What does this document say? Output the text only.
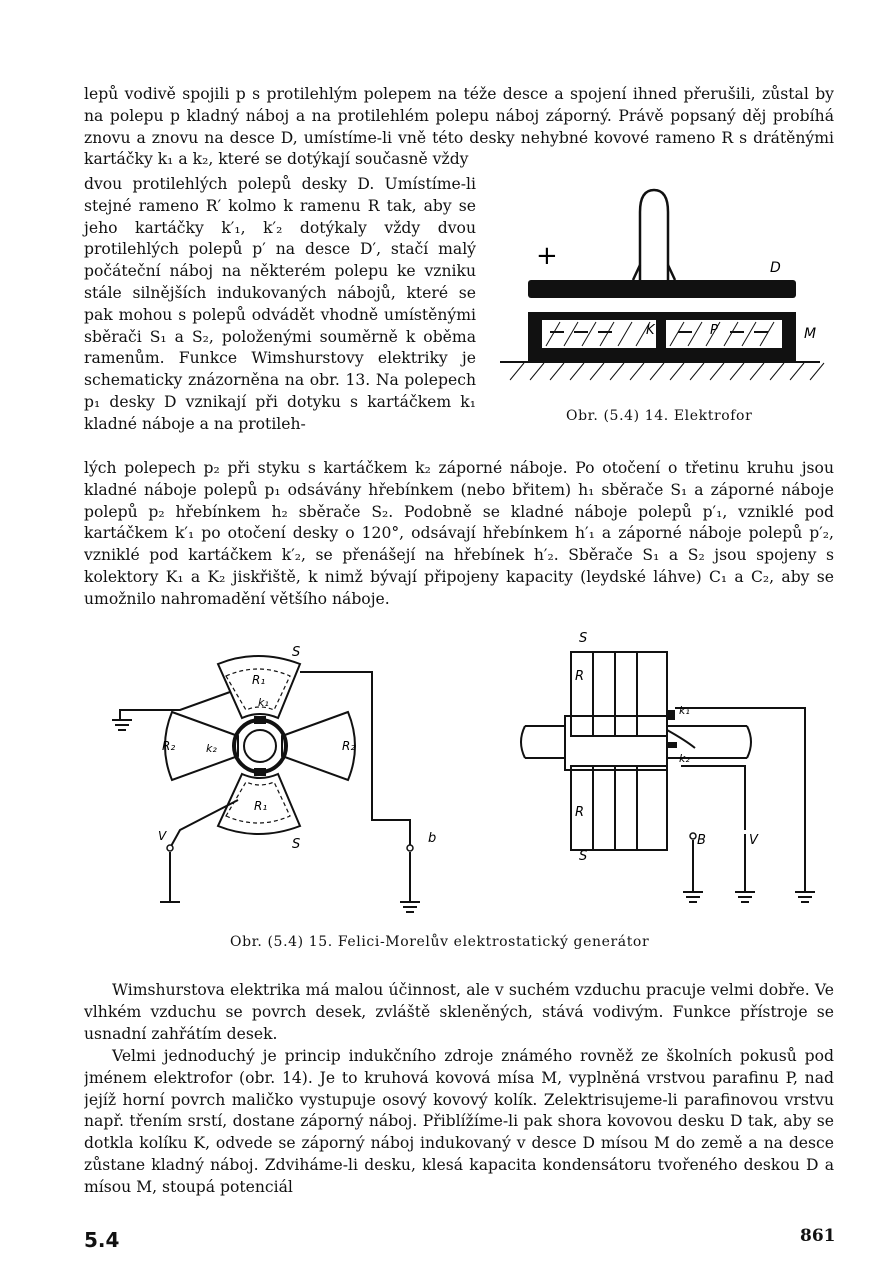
lepů vodivě spojili p s protilehlým polepem na téže desce a spojení ihned přerušili, zůstal by na polepu p kladný náboj a na protilehlém polepu náboj záporný. Právě popsaný děj probíhá znovu a znovu na desce D, umístíme-li vně této desky nehybné kovové rameno R s drátěnými kartáčky k₁ a k₂, které se dotýkají současně vždy

dvou protilehlých polepů desky D. Umístíme-li stejné rameno R′ kolmo k ramenu R tak, aby se jeho kartáčky k′₁, k′₂ dotýkaly vždy dvou protilehlých polepů p′ na desce D′, stačí malý počáteční náboj na některém polepu ke vzniku stále silnějších indukovaných nábojů, které se pak mohou s polepů odvádět vhodně umístěnými sběrači S₁ a S₂, položenými souměrně k oběma ramenům. Funkce Wimshurstovy elektriky je schematicky znázorněna na obr. 13. Na polepech p₁ desky D vznikají při dotyku s kartáčkem k₁ kladné náboje a na protileh-

lých polepech p₂ při styku s kartáčkem k₂ záporné náboje. Po otočení o třetinu kruhu jsou kladné náboje polepů p₁ odsávány hřebínkem (nebo břitem) h₁ sběrače S₁ a záporné náboje polepů p₂ hřebínkem h₂ sběrače S₂. Podobně se kladné náboje polepů p′₁, vzniklé pod kartáčkem k′₁ po otočení desky o 120°, odsávají hřebínkem h′₁ a záporné náboje polepů p′₂, vzniklé pod kartáčkem k′₂, se přenášejí na hřebínek h′₂. Sběrače S₁ a S₂ jsou spojeny s kolektory K₁ a K₂ jiskřiště, k nimž bývají připojeny kapacity (leydské láhve) C₁ a C₂, aby se umožnilo nahromadění většího náboje.

+	D
K	P	M

Obr. (5.4) 14. Elektrofor

S
R₁
k₁
R₂	k₂	R₂
R₁
V
S	b
S
R
k₁
k₂
R
S
B	V

Obr. (5.4) 15. Felici-Morelův elektrostatický generátor

Wimshurstova elektrika má malou účinnost, ale v suchém vzduchu pracuje velmi dobře. Ve vlhkém vzduchu se povrch desek, zvláště skleněných, stává vodivým. Funkce přístroje se usnadní zahřátím desek.

Velmi jednoduchý je princip indukčního zdroje známého rovněž ze školních pokusů pod jménem elektrofor (obr. 14). Je to kruhová kovová mísa M, vyplněná vrstvou parafinu P, nad jejíž horní povrch maličko vystupuje osový kovový kolík. Zelektrisujeme-li parafinovou vrstvu např. třením srstí, dostane záporný náboj. Přiblížíme-li pak shora kovovou desku D tak, aby se dotkla kolíku K, odvede se záporný náboj indukovaný v desce D mísou M do země a na desce zůstane kladný náboj. Zdviháme-li desku, klesá kapacita kondensátoru tvořeného deskou D a mísou M, stoupá potenciál

5.4	861
